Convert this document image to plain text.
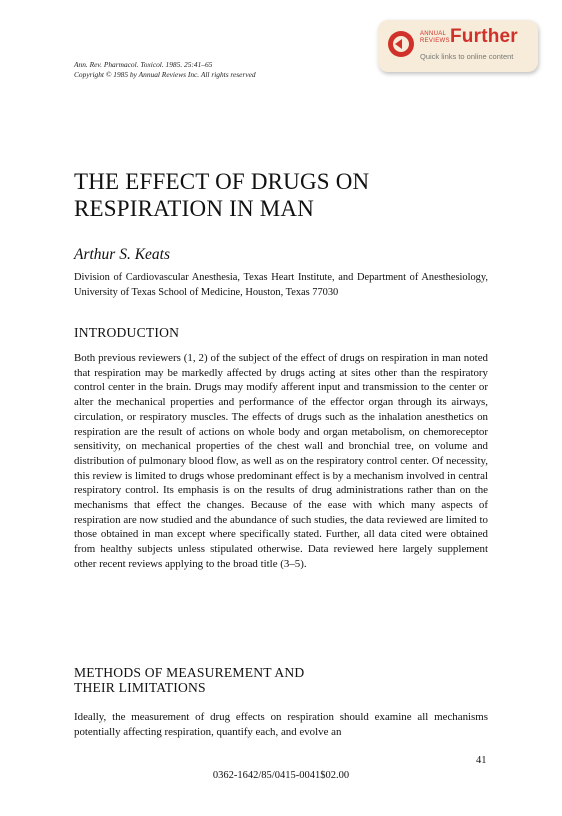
Ann. Rev. Pharmacol. Toxicol. 1985. 25:41–65
Copyright © 1985 by Annual Reviews Inc. All rights reserved
ANNUAL
REVIEWS Further
Quick links to online content
THE EFFECT OF DRUGS ON
RESPIRATION IN MAN
Arthur S. Keats
Division of Cardiovascular Anesthesia, Texas Heart Institute, and Department of Anesthesiology, University of Texas School of Medicine, Houston, Texas 77030
INTRODUCTION

Both previous reviewers (1, 2) of the subject of the effect of drugs on respiration in man noted that respiration may be markedly affected by drugs acting at sites other than the respiratory control center in the brain. Drugs may modify afferent input and transmission to the center or alter the mechanical properties and performance of the effector organ through its airways, circulation, or respiratory muscles. The effects of drugs such as the inhalation anesthetics on respiration are the result of actions on whole body and organ metabolism, on chemoreceptor sensitivity, on mechanical properties of the chest wall and bronchial tree, on volume and distribution of pulmonary blood flow, as well as on the respiratory control center. Of necessity, this review is limited to drugs whose predominant effect is by a mechanism involved in central respiratory control. Its emphasis is on the results of drug administrations rather than on the mechanisms that effect the changes. Because of the ease with which many aspects of respiration are now studied and the abundance of such studies, the data reviewed are limited to those obtained in man except where specifically stated. Further, all data cited were obtained from healthy subjects unless stipulated otherwise. Data reviewed here largely supplement other recent reviews applying to the broad title (3–5).

METHODS OF MEASUREMENT AND
THEIR LIMITATIONS

Ideally, the measurement of drug effects on respiration should examine all mechanisms potentially affecting respiration, quantify each, and evolve an

41
0362-1642/85/0415-0041$02.00
